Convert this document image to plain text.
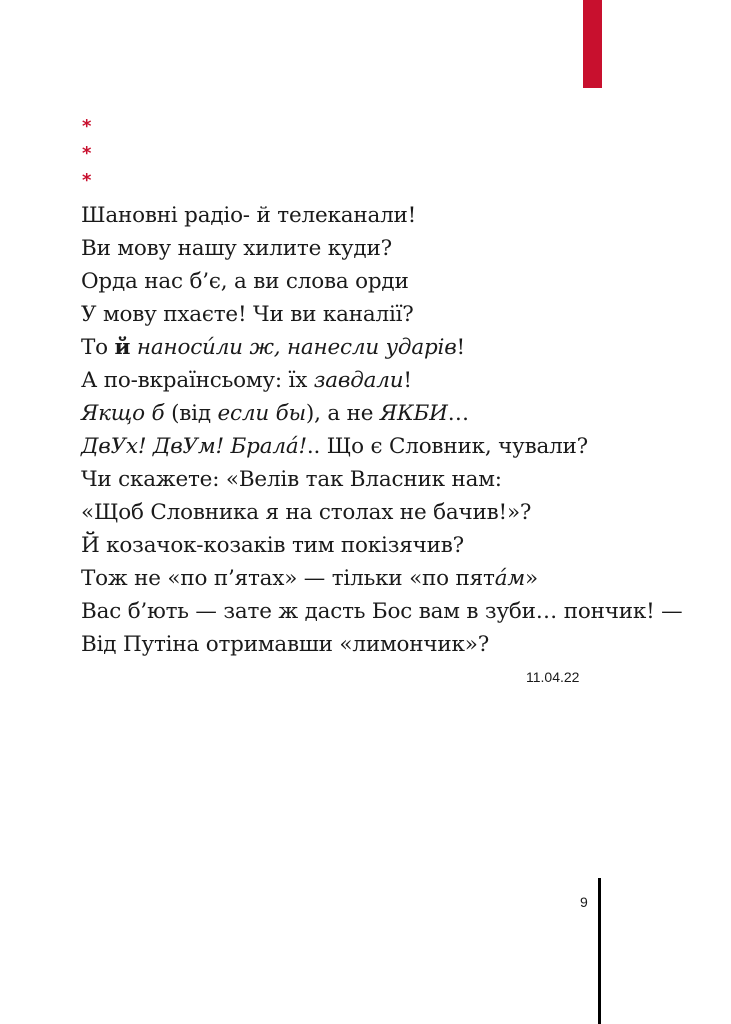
*
*
*
Шановні радіо- й телеканали!
Ви мову нашу хилите куди?
Орда нас б’є, а ви слова орди
У мову пхаєте! Чи ви каналії?
То й наносúли ж, нанесли ударів!
А по-вкраїнсьому: їх завдали!
Якщо б (від если бы), а не ЯКБИ…
ДвУх! ДвУм! Бралá!.. Що є Словник, чували?
Чи скажете: «Велів так Власник нам:
«Щоб Словника я на столах не бачив!»?
Й козачок-козаків тим покізячив?
Тож не «по п’ятах» — тільки «по пятáм»
Вас б’ють — зате ж дасть Бос вам в зуби… пончик! —
Від Путіна отримавши «лимончик»?
11.04.22
9
